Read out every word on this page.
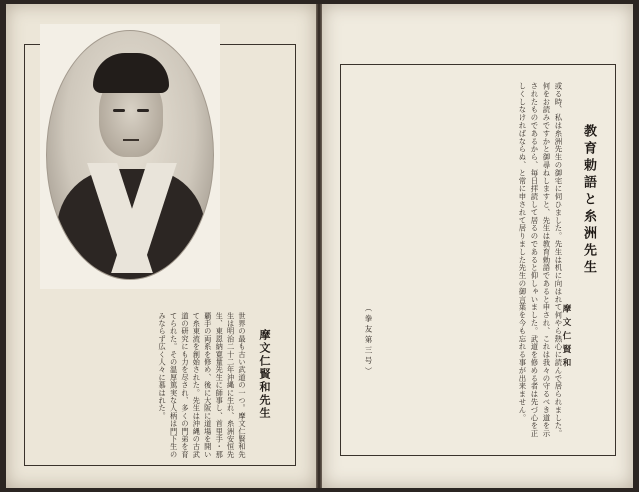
摩文仁賢和先生
世界の最も古い武道の一つ。摩文仁賢和先生は明治二十二年沖縄に生れ、糸洲安恒先生、東恩納寛量先生に師事し、首里手・那覇手の両系を修め、後に大阪に道場を開いて糸東流を創始された。先生は沖縄の古武道の研究にも力を尽され、多くの門弟を育てられた。その温厚篤実な人柄は門下生のみならず広く人々に慕はれた。
教育勅語と糸洲先生
摩文仁賢和
或る時、私は糸洲先生の御宅に伺ひました。先生は机に向はれて何やら熱心に読んで居られました。何をお読みですかと御尋ねしますと、先生は教育勅語であると申され、これは我々の守るべき道を示されたものであるから、毎日拝読して居るのであると仰しゃいました。武道を修める者は先づ心を正しくしなければならぬ、と常に申されて居りました先生の御言葉を今も忘れる事が出来ません。
（拳友第三号）
